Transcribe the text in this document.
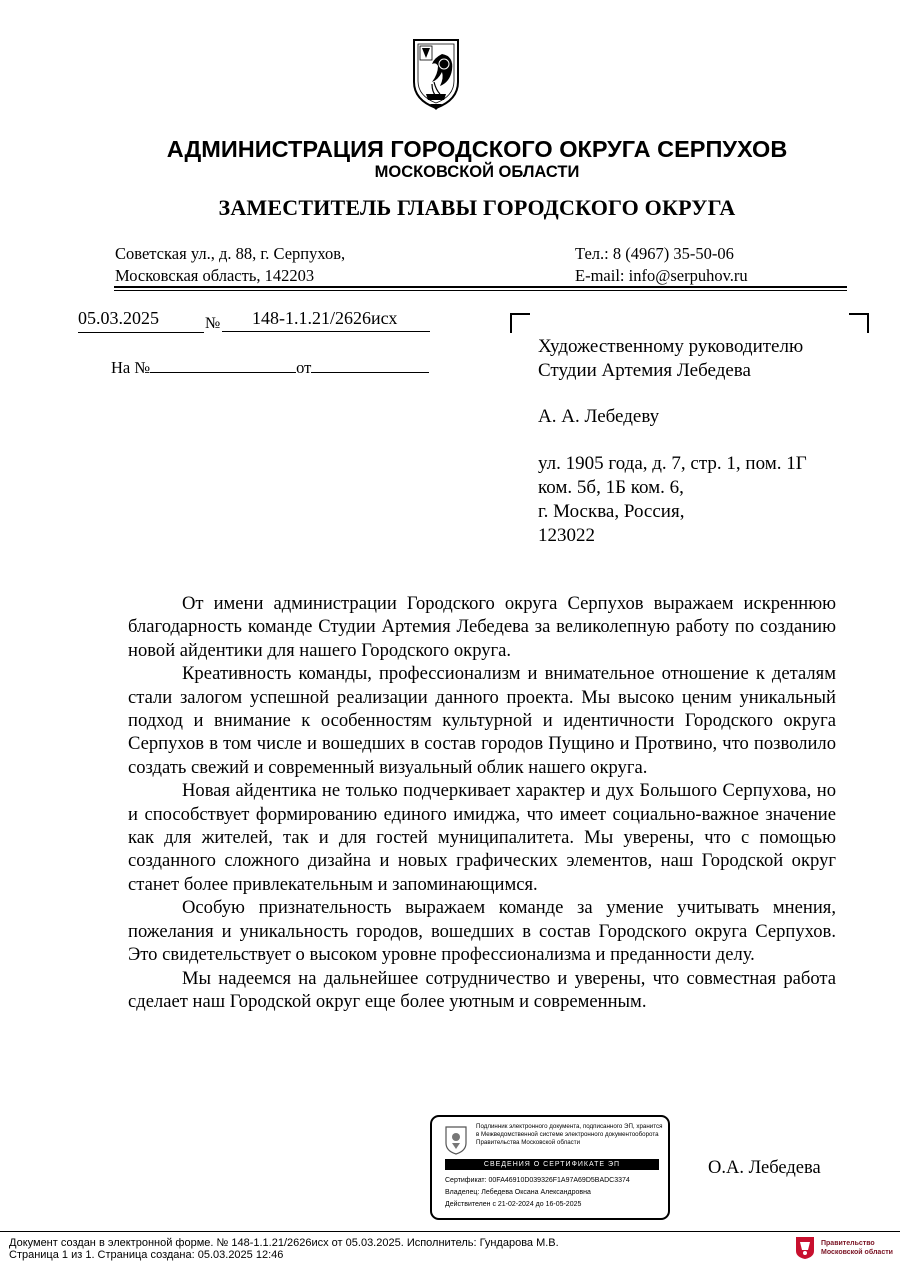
АДМИНИСТРАЦИЯ ГОРОДСКОГО ОКРУГА СЕРПУХОВ
МОСКОВСКОЙ ОБЛАСТИ
ЗАМЕСТИТЕЛЬ ГЛАВЫ ГОРОДСКОГО ОКРУГА
Советская ул., д. 88, г. Серпухов,
Московская область, 142203
Тел.: 8 (4967) 35-50-06
E-mail: info@serpuhov.ru
05.03.2025	№	148-1.1.21/2626исх
На №	от
Художественному руководителю
Студии Артемия Лебедева
А. А. Лебедеву
ул. 1905 года, д. 7, стр. 1, пом. 1Г
ком. 5б, 1Б ком. 6,
г. Москва, Россия,
123022

От имени администрации Городского округа Серпухов выражаем искреннюю благодарность команде Студии Артемия Лебедева за великолепную работу по созданию новой айдентики для нашего Городского округа.

Креативность команды, профессионализм и внимательное отношение к деталям стали залогом успешной реализации данного проекта. Мы высоко ценим уникальный подход и внимание к особенностям культурной и идентичности Городского округа Серпухов в том числе и вошедших в состав городов Пущино и Протвино, что позволило создать свежий и современный визуальный облик нашего округа.

Новая айдентика не только подчеркивает характер и дух Большого Серпухова, но и способствует формированию единого имиджа, что имеет социально-важное значение как для жителей, так и для гостей муниципалитета. Мы уверены, что с помощью созданного сложного дизайна и новых графических элементов, наш Городской округ станет более привлекательным и запоминающимся.

Особую признательность выражаем команде за умение учитывать мнения, пожелания и уникальность городов, вошедших в состав Городского округа Серпухов. Это свидетельствует о высоком уровне профессионализма и преданности делу.

Мы надеемся на дальнейшее сотрудничество и уверены, что совместная работа сделает наш Городской округ еще более уютным и современным.

Подлинник электронного документа, подписанного ЭП, хранится в Межведомственной системе электронного документооборота Правительства Московской области
СВЕДЕНИЯ О СЕРТИФИКАТЕ ЭП
Сертификат: 00FA46910D039326F1A97A69D5BADC3374
Владелец: Лебедева Оксана Александровна
Действителен с 21-02-2024 до 16-05-2025
О.А. Лебедева
Документ создан в электронной форме. № 148-1.1.21/2626исх от 05.03.2025. Исполнитель: Гундарова М.В.
Страница 1 из 1. Страница создана: 05.03.2025 12:46
Правительство
Московской области
